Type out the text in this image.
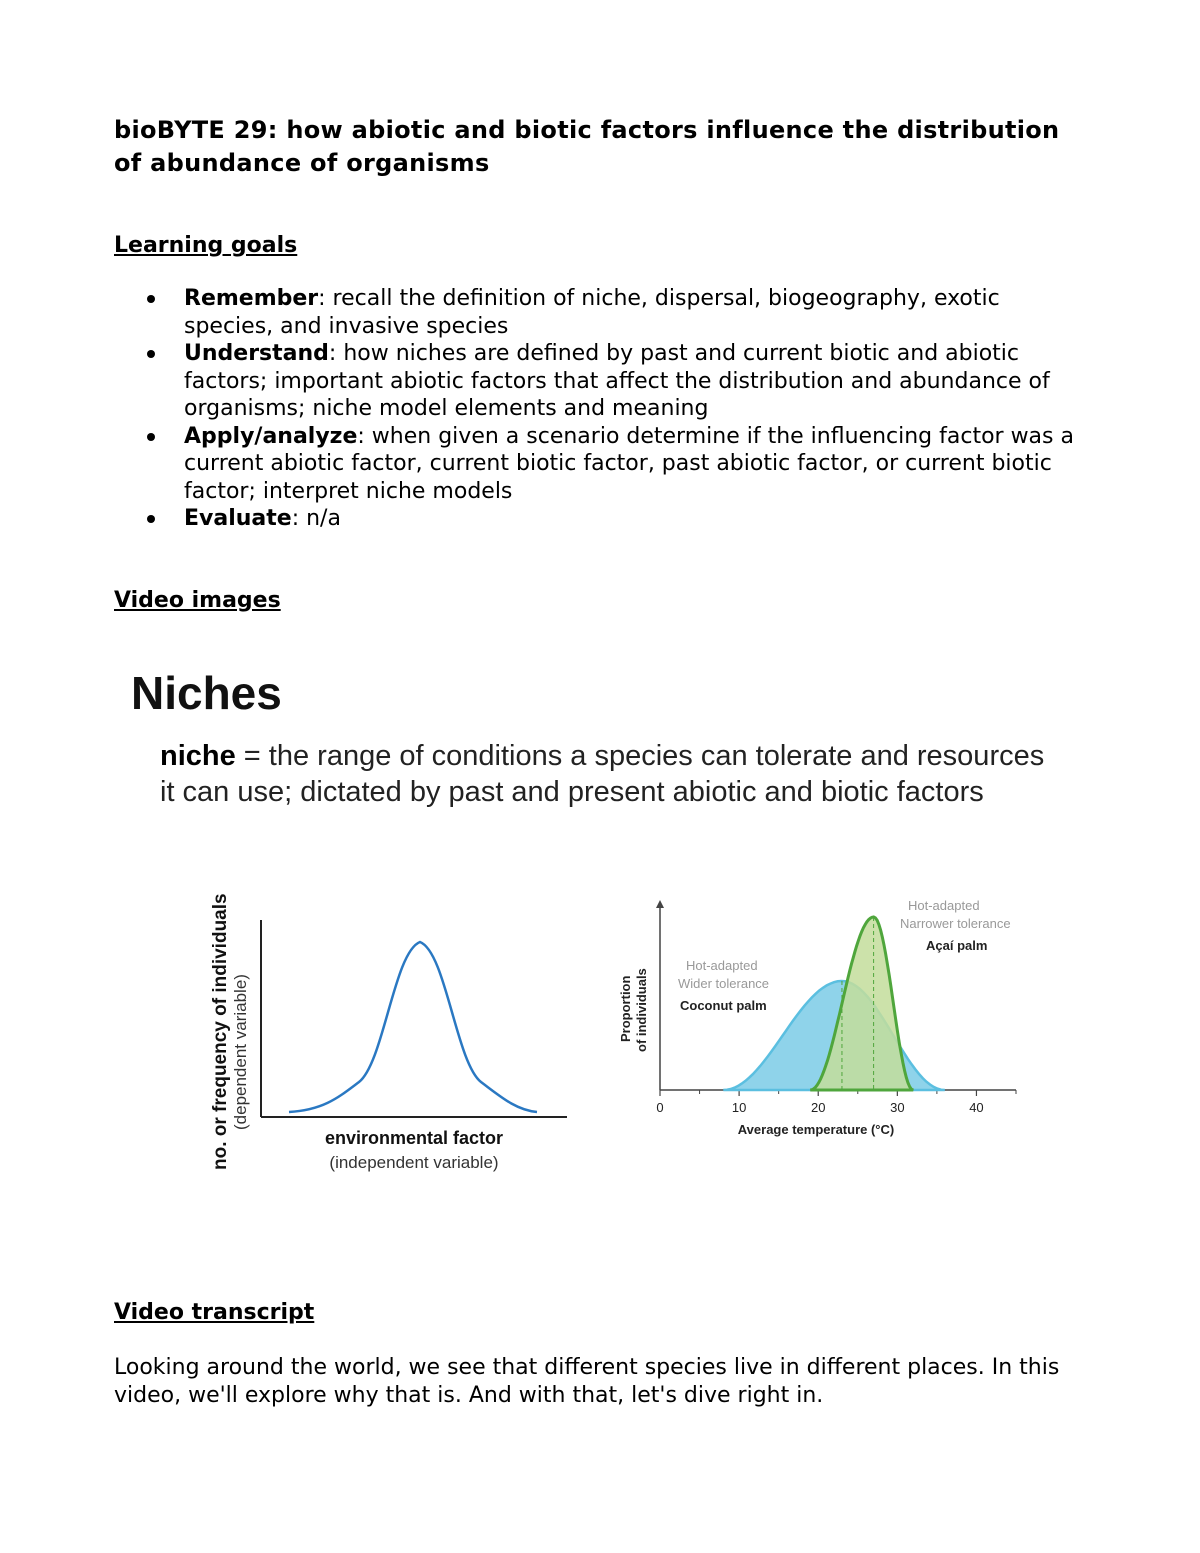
bioBYTE 29: how abiotic and biotic factors influence the distribution of abundance of organisms
Learning goals
Remember: recall the definition of niche, dispersal, biogeography, exotic species, and invasive species
Understand: how niches are defined by past and current biotic and abiotic factors; important abiotic factors that affect the distribution and abundance of organisms; niche model elements and meaning
Apply/analyze: when given a scenario determine if the influencing factor was a current abiotic factor, current biotic factor, past abiotic factor, or current biotic factor; interpret niche models
Evaluate: n/a
Video images
Niches
niche = the range of conditions a species can tolerate and resources it can use; dictated by past and present abiotic and biotic factors
no. or frequency of individuals (dependent variable)
environmental factor
(independent variable)
Proportion of individuals
0	10	20	30	40
Hot-adapted
Wider tolerance
Coconut palm
Hot-adapted
Narrower tolerance
Açaí palm
Average temperature (°C)
Video transcript

Looking around the world, we see that different species live in different places. In this video, we'll explore why that is. And with that, let's dive right in.
